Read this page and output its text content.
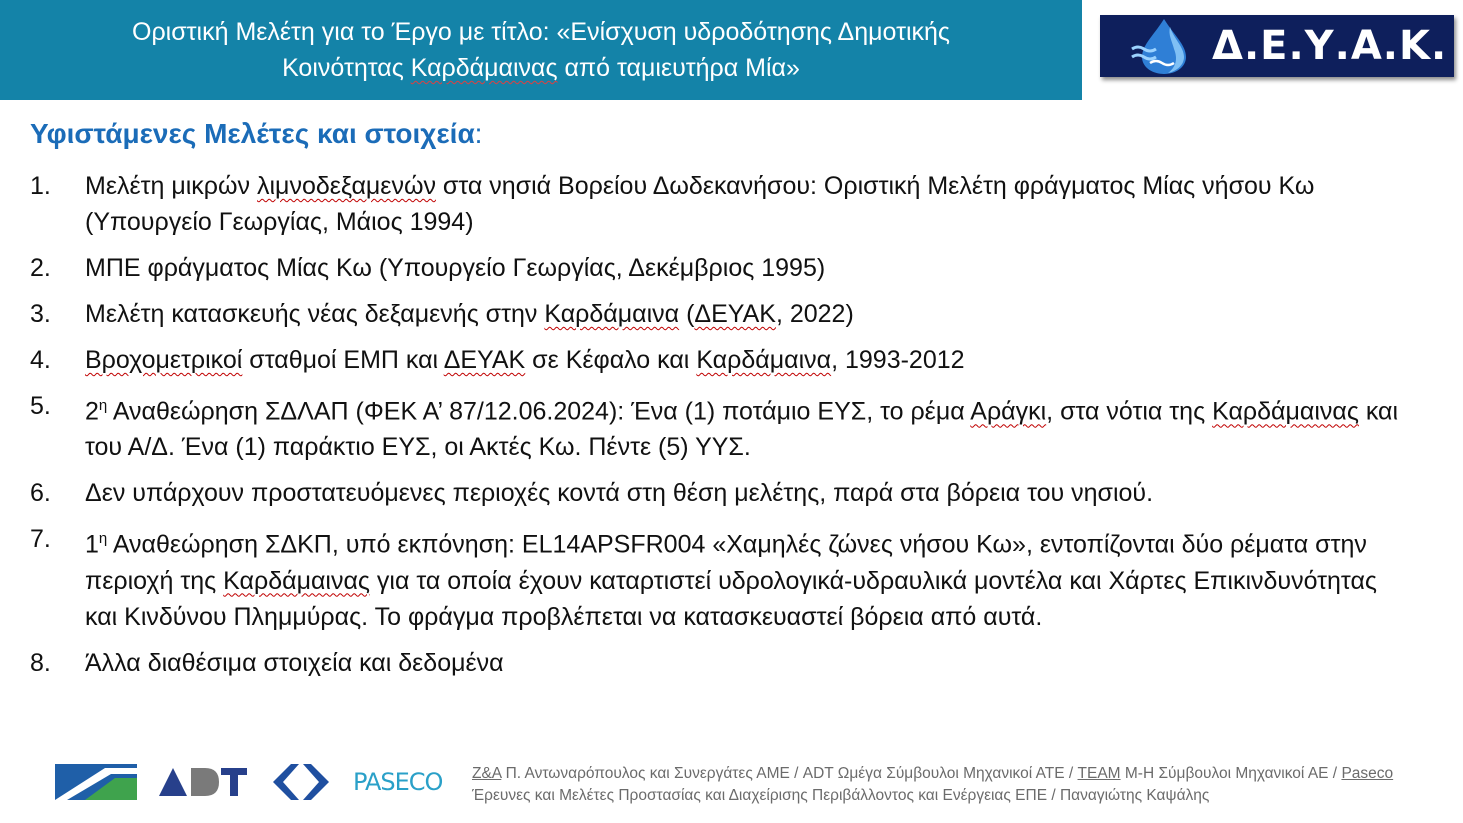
Οριστική Μελέτη για το Έργο με τίτλο: «Ενίσχυση υδροδότησης Δημοτικής
Κοινότητας Καρδάμαινας από ταμιευτήρα Μία»	Δ.Ε.Υ.Α.Κ.
Υφιστάμενες Μελέτες και στοιχεία:
1. Μελέτη μικρών λιμνοδεξαμενών στα νησιά Βορείου Δωδεκανήσου: Οριστική Μελέτη φράγματος Μίας νήσου Κω (Υπουργείο Γεωργίας, Μάιος 1994)
2. ΜΠΕ φράγματος Μίας Κω (Υπουργείο Γεωργίας, Δεκέμβριος 1995)
3. Μελέτη κατασκευής νέας δεξαμενής στην Καρδάμαινα (ΔΕΥΑΚ, 2022)
4. Βροχομετρικοί σταθμοί ΕΜΠ και ΔΕΥΑΚ σε Κέφαλο και Καρδάμαινα, 1993-2012
5. $2^\eta$ Αναθεώρηση ΣΔΛΑΠ (ΦΕΚ Α’ 87/12.06.2024): Ένα (1) ποτάμιο ΕΥΣ, το ρέμα Αράγκι, στα νότια της Καρδάμαινας και του Α/Δ. Ένα (1) παράκτιο ΕΥΣ, οι Ακτές Κω. Πέντε (5) ΥΥΣ.
6. Δεν υπάρχουν προστατευόμενες περιοχές κοντά στη θέση μελέτης, παρά στα βόρεια του νησιού.
7. $1^\eta$ Αναθεώρηση ΣΔΚΠ, υπό εκπόνηση: EL14APSFR004 «Χαμηλές ζώνες νήσου Κω», εντοπίζονται δύο ρέματα στην περιοχή της Καρδάμαινας για τα οποία έχουν καταρτιστεί υδρολογικά-υδραυλικά μοντέλα και Χάρτες Επικινδυνότητας και Κινδύνου Πλημμύρας. Το φράγμα προβλέπεται να κατασκευαστεί βόρεια από αυτά.
8. Άλλα διαθέσιμα στοιχεία και δεδομένα
PASECO Z&A Π. Αντωναρόπουλος και Συνεργάτες ΑΜΕ / ADT Ωμέγα Σύμβουλοι Μηχανικοί ΑΤΕ / TEAM Μ-Η Σύμβουλοι Μηχανικοί ΑΕ / Paseco Έρευνες και Μελέτες Προστασίας και Διαχείρισης Περιβάλλοντος και Ενέργειας ΕΠΕ / Παναγιώτης Καψάλης
